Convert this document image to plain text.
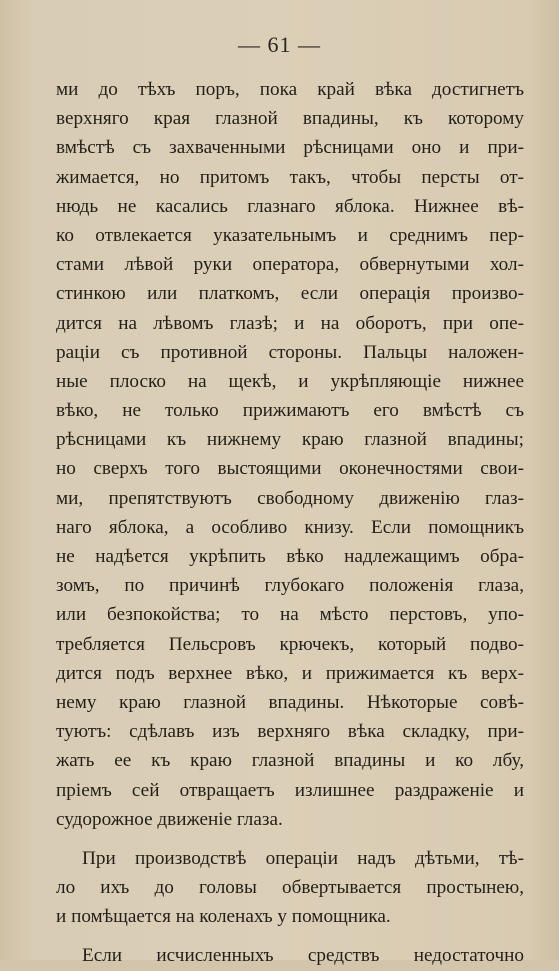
— 61 —
ми до тѣхъ поръ, пока край вѣка достигнетъ
верхняго края глазной впадины, къ которому
вмѣстѣ съ захваченными рѣсницами оно и при-
жимается, но притомъ такъ, чтобы персты от-
нюдь не касались глазнаго яблока. Нижнее вѣ-
ко отвлекается указательнымъ и среднимъ пер-
стами лѣвой руки оператора, обвернутыми хол-
стинкою или платкомъ, если операція произво-
дится на лѣвомъ глазѣ; и на оборотъ, при опе-
раціи съ противной стороны. Пальцы наложен-
ные плоско на щекѣ, и укрѣпляющіе нижнее
вѣко, не только прижимаютъ его вмѣстѣ съ
рѣсницами къ нижнему краю глазной впадины;
но сверхъ того выстоящими оконечностями свои-
ми, препятствуютъ свободному движенію глаз-
наго яблока, а особливо книзу. Если помощникъ
не надѣется укрѣпить вѣко надлежащимъ обра-
зомъ, по причинѣ глубокаго положенія глаза,
или безпокойства; то на мѣсто перстовъ, упо-
требляется Пельсровъ крючекъ, который подво-
дится подъ верхнее вѣко, и прижимается къ верх-
нему краю глазной впадины. Нѣкоторые совѣ-
туютъ: сдѣлавъ изъ верхняго вѣка складку, при-
жать ее къ краю глазной впадины и ко лбу,
пріемъ сей отвращаетъ излишнее раздраженіе и
судорожное движеніе глаза.
При производствѣ операціи надъ дѣтьми, тѣ-
ло ихъ до головы обвертывается простынею,
и помѣщается на коленахъ у помощника.
Если исчисленныхъ средствъ недостаточно
